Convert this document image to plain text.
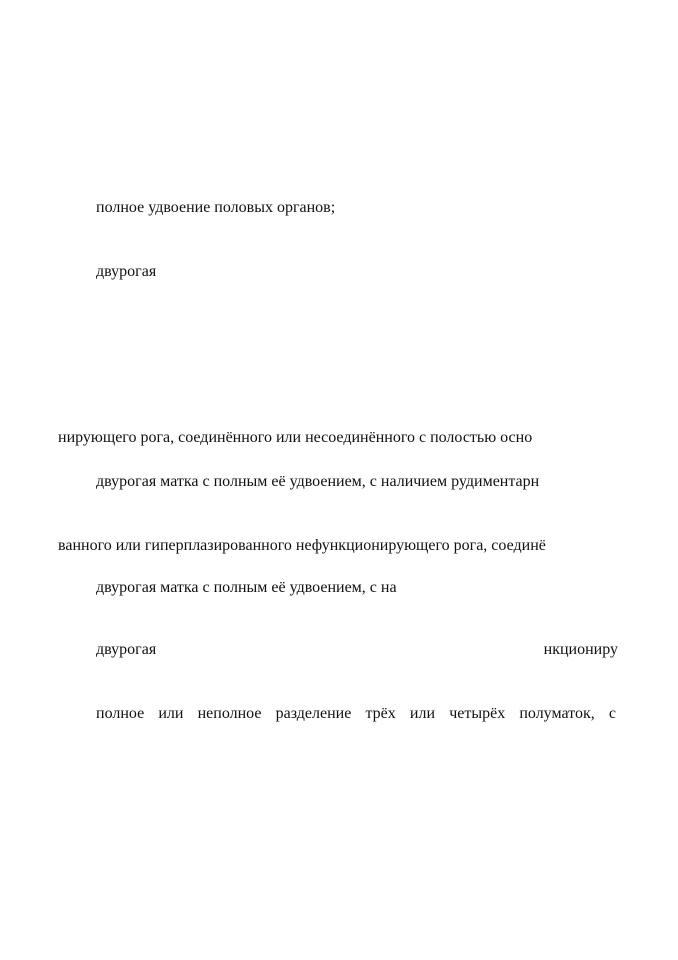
полное удвоение половых органов;
двурогая
нирующего рога, соединённого или несоединённого с полостью осно
двурогая матка с полным её удвоением, с наличием рудиментарн
ванного или гиперплазированного нефункционирующего рога, соединё
двурогая матка с полным её удвоением, с на
двурогая	нкциониру
полное или неполное разделение трёх или четырёх полуматок, с
